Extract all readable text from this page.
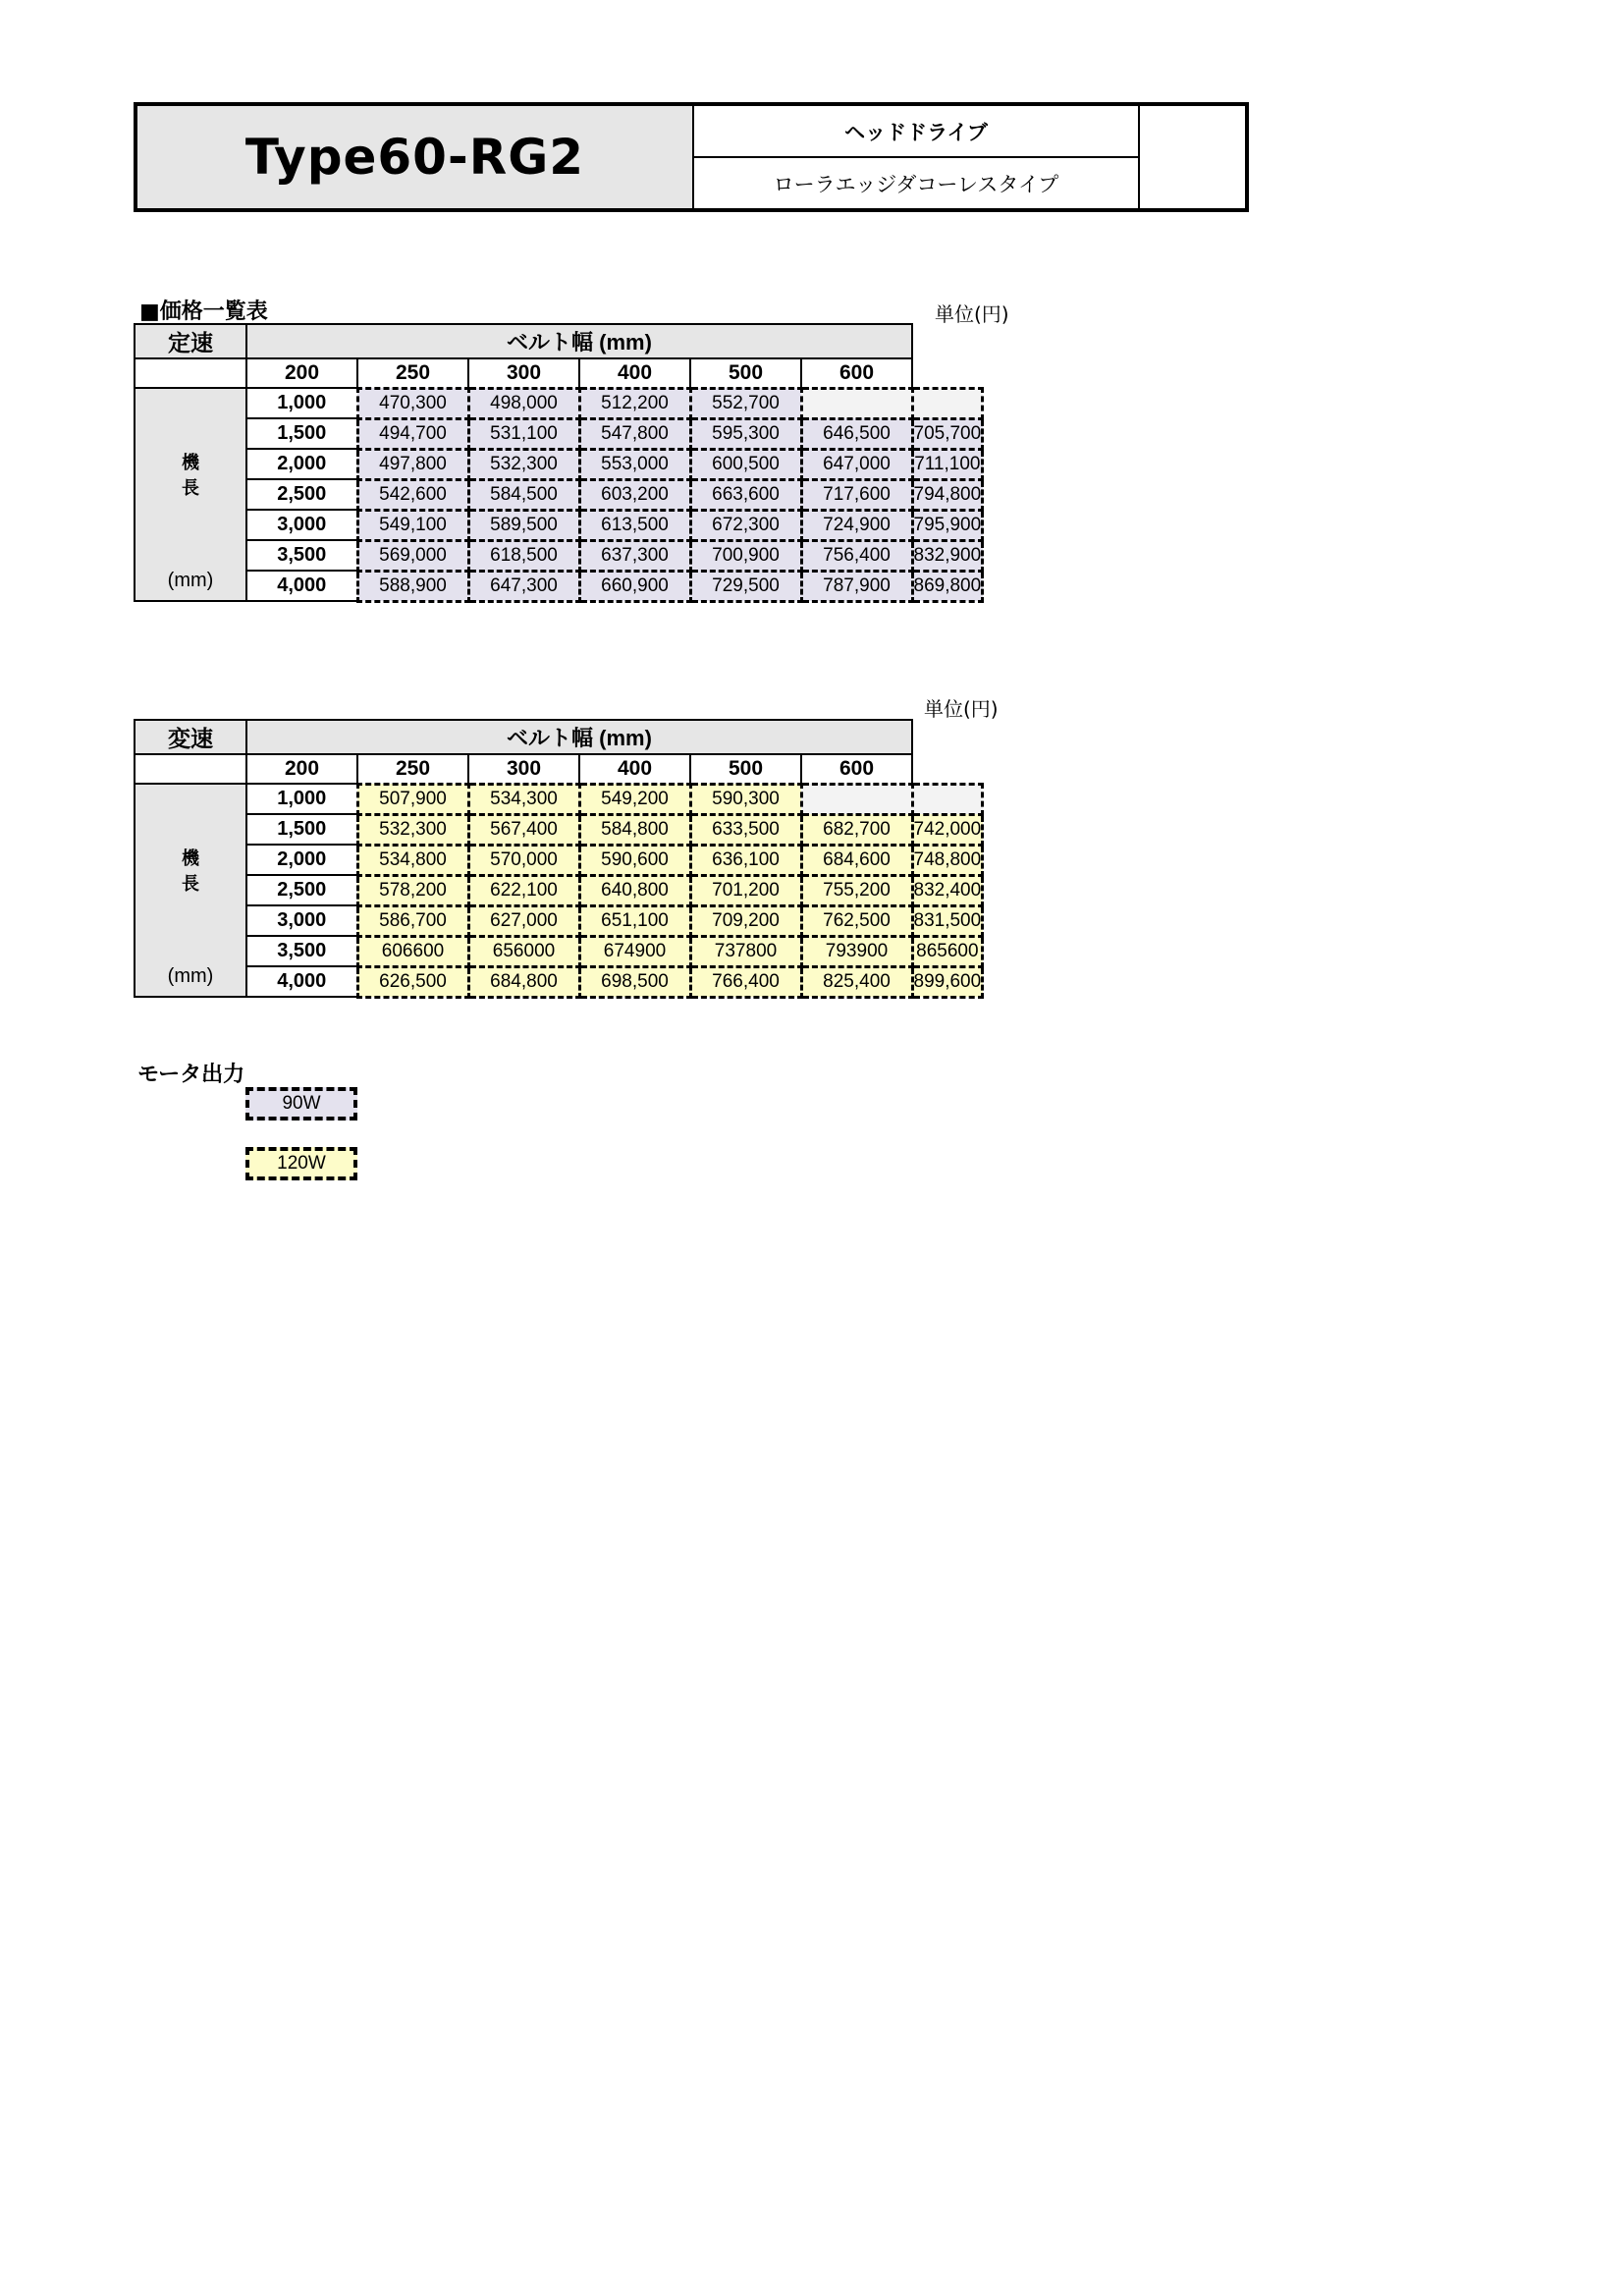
Type60-RG2	ヘッドドライブ
ローラエッジダコーレスタイプ
■価格一覧表	単位(円)
定速	ベルト幅 (mm)						
	200	250	300	400	500	600	

機
長
(mm)	1,000	470,300	498,000	512,200	552,700		
	1,500	494,700	531,100	547,800	595,300	646,500	705,700
	2,000	497,800	532,300	553,000	600,500	647,000	711,100
	2,500	542,600	584,500	603,200	663,600	717,600	794,800
	3,000	549,100	589,500	613,500	672,300	724,900	795,900
	3,500	569,000	618,500	637,300	700,900	756,400	832,900
	4,000	588,900	647,300	660,900	729,500	787,900	869,800
単位(円)
変速	ベルト幅 (mm)						
	200	250	300	400	500	600	

機
長
(mm)	1,000	507,900	534,300	549,200	590,300		
	1,500	532,300	567,400	584,800	633,500	682,700	742,000
	2,000	534,800	570,000	590,600	636,100	684,600	748,800
	2,500	578,200	622,100	640,800	701,200	755,200	832,400
	3,000	586,700	627,000	651,100	709,200	762,500	831,500
	3,500	606600	656000	674900	737800	793900	865600
	4,000	626,500	684,800	698,500	766,400	825,400	899,600
モータ出力
90W
120W
